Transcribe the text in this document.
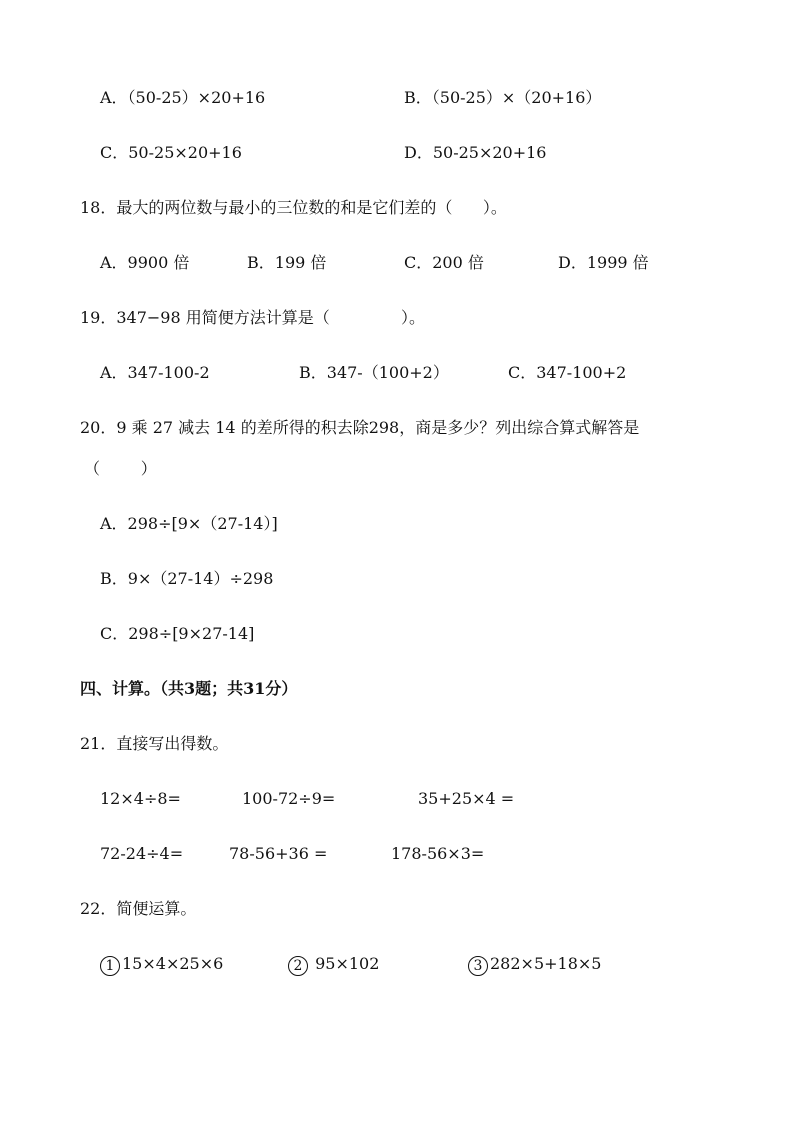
A．（50-25）×20+16	B．（50-25）×（20+16）
C．50-25×20+16	D．50-25×20+16
18．最大的两位数与最小的三位数的和是它们差的（      ）。
A．9900 倍	B．199 倍	C．200 倍	D．1999 倍
19．347−98 用简便方法计算是（              ）。
A．347-100-2	B．347-（100+2）	C．347-100+2
20．9 乘 27 减去 14 的差所得的积去除298，商是多少？列出综合算式解答是
（        ）
A．298÷[9×（27-14）]
B．9×（27-14）÷298
C．298÷[9×27-14]
四、计算。（共3题；共31分）
21．直接写出得数。
12×4÷8=	100-72÷9=	35+25×4 =
72-24÷4=	78-56+36 =	178-56×3=
22．简便运算。
1 15×4×25×6	2 95×102	3 282×5+18×5
